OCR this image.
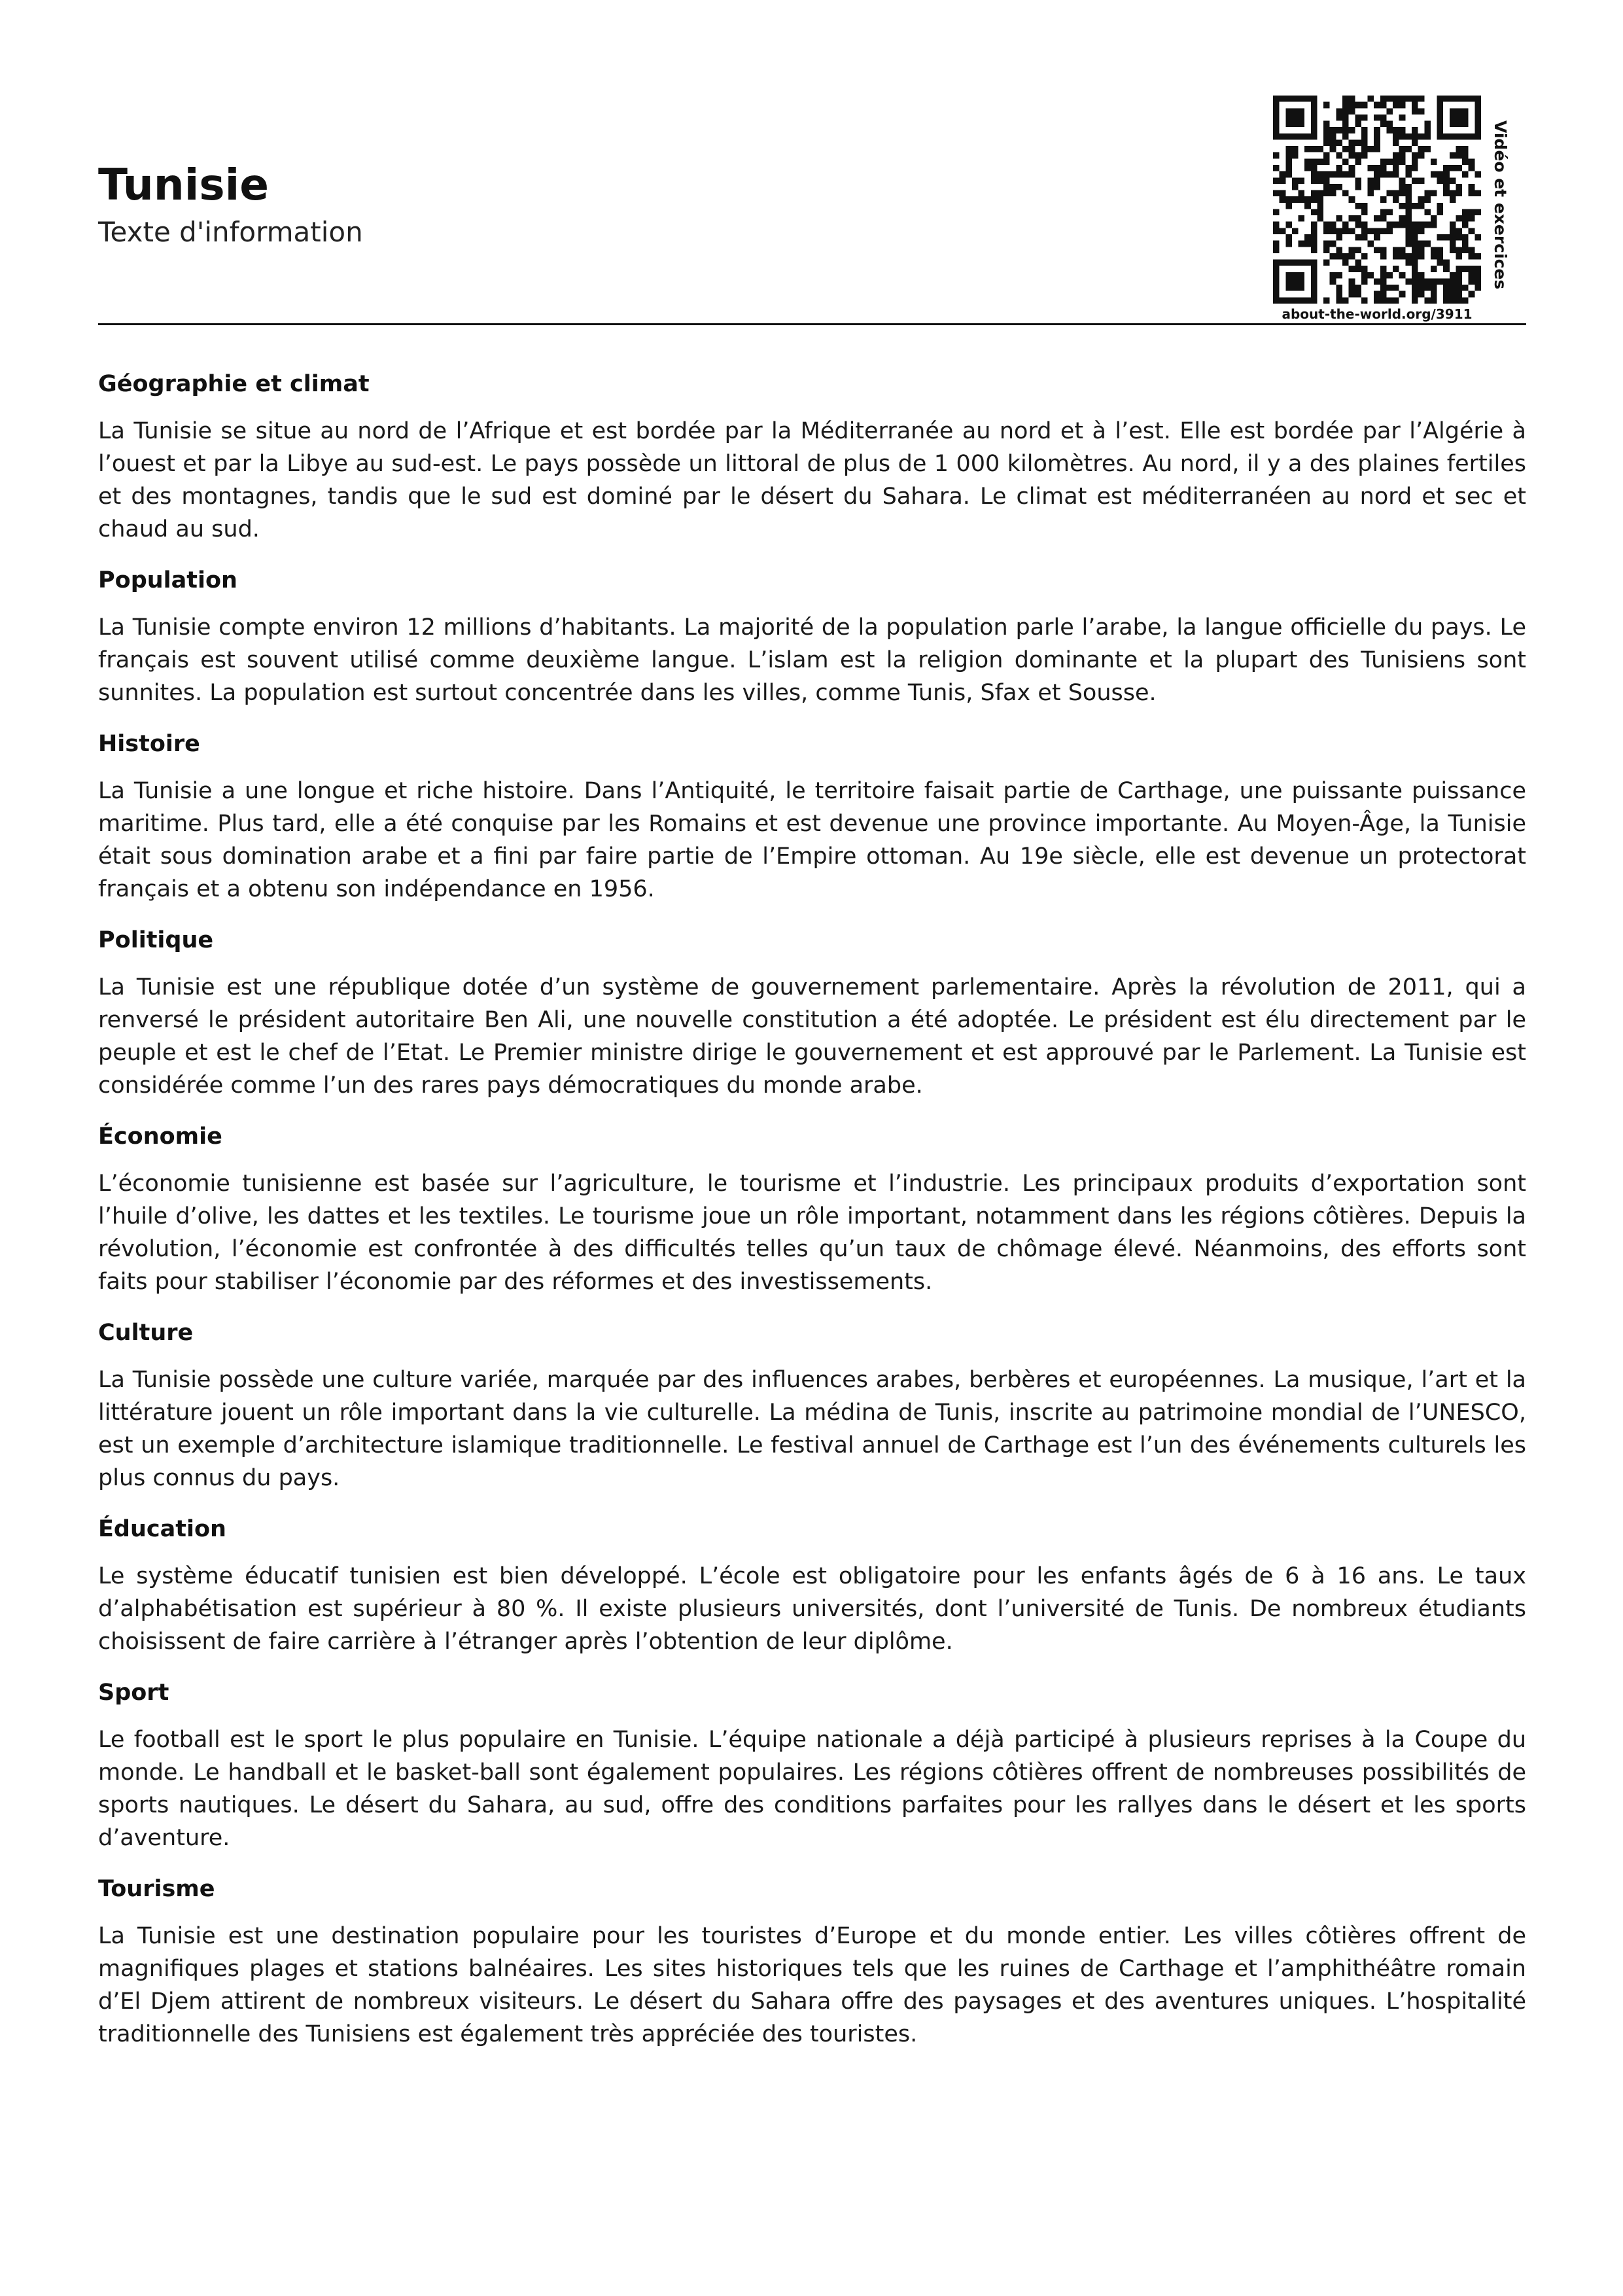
Tunisie
Texte d'information
about-the-world.org/3911
Vidéo et exercices
Géographie et climat

La Tunisie se situe au nord de l’Afrique et est bordée par la Méditerranée au nord et à l’est. Elle est bordée par l’Algérie à l’ouest et par la Libye au sud-est. Le pays possède un littoral de plus de 1 000 kilomètres. Au nord, il y a des plaines fertiles et des montagnes, tandis que le sud est dominé par le désert du Sahara. Le climat est méditerranéen au nord et sec et chaud au sud.

Population

La Tunisie compte environ 12 millions d’habitants. La majorité de la population parle l’arabe, la langue officielle du pays. Le français est souvent utilisé comme deuxième langue. L’islam est la religion dominante et la plupart des Tunisiens sont sunnites. La population est surtout concentrée dans les villes, comme Tunis, Sfax et Sousse.

Histoire

La Tunisie a une longue et riche histoire. Dans l’Antiquité, le territoire faisait partie de Carthage, une puissante puissance maritime. Plus tard, elle a été conquise par les Romains et est devenue une province importante. Au Moyen-Âge, la Tunisie était sous domination arabe et a fini par faire partie de l’Empire ottoman. Au 19e siècle, elle est devenue un protectorat français et a obtenu son indépendance en 1956.

Politique

La Tunisie est une république dotée d’un système de gouvernement parlementaire. Après la révolution de 2011, qui a renversé le président autoritaire Ben Ali, une nouvelle constitution a été adoptée. Le président est élu directement par le peuple et est le chef de l’Etat. Le Premier ministre dirige le gouvernement et est approuvé par le Parlement. La Tunisie est considérée comme l’un des rares pays démocratiques du monde arabe.

Économie

L’économie tunisienne est basée sur l’agriculture, le tourisme et l’industrie. Les principaux produits d’exportation sont l’huile d’olive, les dattes et les textiles. Le tourisme joue un rôle important, notamment dans les régions côtières. Depuis la révolution, l’économie est confrontée à des difficultés telles qu’un taux de chômage élevé. Néanmoins, des efforts sont faits pour stabiliser l’économie par des réformes et des investissements.

Culture

La Tunisie possède une culture variée, marquée par des influences arabes, berbères et européennes. La musique, l’art et la littérature jouent un rôle important dans la vie culturelle. La médina de Tunis, inscrite au patrimoine mondial de l’UNESCO, est un exemple d’architecture islamique traditionnelle. Le festival annuel de Carthage est l’un des événements culturels les plus connus du pays.

Éducation

Le système éducatif tunisien est bien développé. L’école est obligatoire pour les enfants âgés de 6 à 16 ans. Le taux d’alphabétisation est supérieur à 80 %. Il existe plusieurs universités, dont l’université de Tunis. De nombreux étudiants choisissent de faire carrière à l’étranger après l’obtention de leur diplôme.

Sport

Le football est le sport le plus populaire en Tunisie. L’équipe nationale a déjà participé à plusieurs reprises à la Coupe du monde. Le handball et le basket-ball sont également populaires. Les régions côtières offrent de nombreuses possibilités de sports nautiques. Le désert du Sahara, au sud, offre des conditions parfaites pour les rallyes dans le désert et les sports d’aventure.

Tourisme

La Tunisie est une destination populaire pour les touristes d’Europe et du monde entier. Les villes côtières offrent de magnifiques plages et stations balnéaires. Les sites historiques tels que les ruines de Carthage et l’amphithéâtre romain d’El Djem attirent de nombreux visiteurs. Le désert du Sahara offre des paysages et des aventures uniques. L’hospitalité traditionnelle des Tunisiens est également très appréciée des touristes.
